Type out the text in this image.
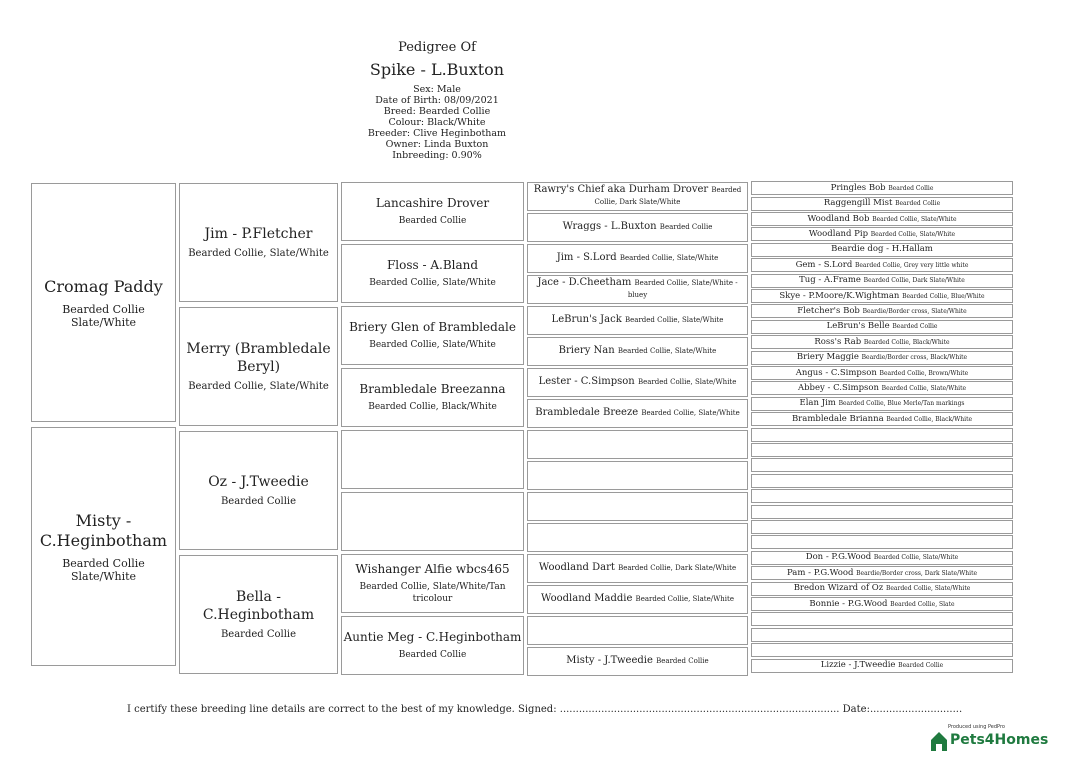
Pedigree Of
Spike - L.Buxton
Sex: Male
Date of Birth: 08/09/2021
Breed: Bearded Collie
Colour: Black/White
Breeder: Clive Heginbotham
Owner: Linda Buxton
Inbreeding: 0.90%
Cromag Paddy
Bearded Collie
Slate/White
Misty - C.Heginbotham
Bearded Collie
Slate/White
Jim - P.Fletcher
Bearded Collie, Slate/White
Merry (Brambledale Beryl)
Bearded Collie, Slate/White
Oz - J.Tweedie
Bearded Collie
Bella - C.Heginbotham
Bearded Collie
Lancashire Drover
Bearded Collie
Floss - A.Bland
Bearded Collie, Slate/White
Briery Glen of Brambledale
Bearded Collie, Slate/White
Brambledale Breezanna
Bearded Collie, Black/White
Wishanger Alfie wbcs465
Bearded Collie, Slate/White/Tan tricolour
Auntie Meg - C.Heginbotham
Bearded Collie
Rawry's Chief aka Durham Drover Bearded Collie, Dark Slate/White
Wraggs - L.Buxton Bearded Collie
Jim - S.Lord Bearded Collie, Slate/White
Jace - D.Cheetham Bearded Collie, Slate/White - bluey
LeBrun's Jack Bearded Collie, Slate/White
Briery Nan Bearded Collie, Slate/White
Lester - C.Simpson Bearded Collie, Slate/White
Brambledale Breeze Bearded Collie, Slate/White
Woodland Dart Bearded Collie, Dark Slate/White
Woodland Maddie Bearded Collie, Slate/White
Misty - J.Tweedie Bearded Collie
Pringles Bob Bearded Collie
Raggengill Mist Bearded Collie
Woodland Bob Bearded Collie, Slate/White
Woodland Pip Bearded Collie, Slate/White
Beardie dog - H.Hallam
Gem - S.Lord Bearded Collie, Grey very little white
Tug - A.Frame Bearded Collie, Dark Slate/White
Skye - P.Moore/K.Wightman Bearded Collie, Blue/White
Fletcher's Bob Beardie/Border cross, Slate/White
LeBrun's Belle Bearded Collie
Ross's Rab Bearded Collie, Black/White
Briery Maggie Beardie/Border cross, Black/White
Angus - C.Simpson Bearded Collie, Brown/White
Abbey - C.Simpson Bearded Collie, Slate/White
Elan Jim Bearded Collie, Blue Merle/Tan markings
Brambledale Brianna Bearded Collie, Black/White
Don - P.G.Wood Bearded Collie, Slate/White
Pam - P.G.Wood Beardie/Border cross, Dark Slate/White
Bredon Wizard of Oz Bearded Collie, Slate/White
Bonnie - P.G.Wood Bearded Collie, Slate
Lizzie - J.Tweedie Bearded Collie
I certify these breeding line details are correct to the best of my knowledge. Signed: ........................................................................................ Date:.............................
Produced using PedPro
Pets4Homes
